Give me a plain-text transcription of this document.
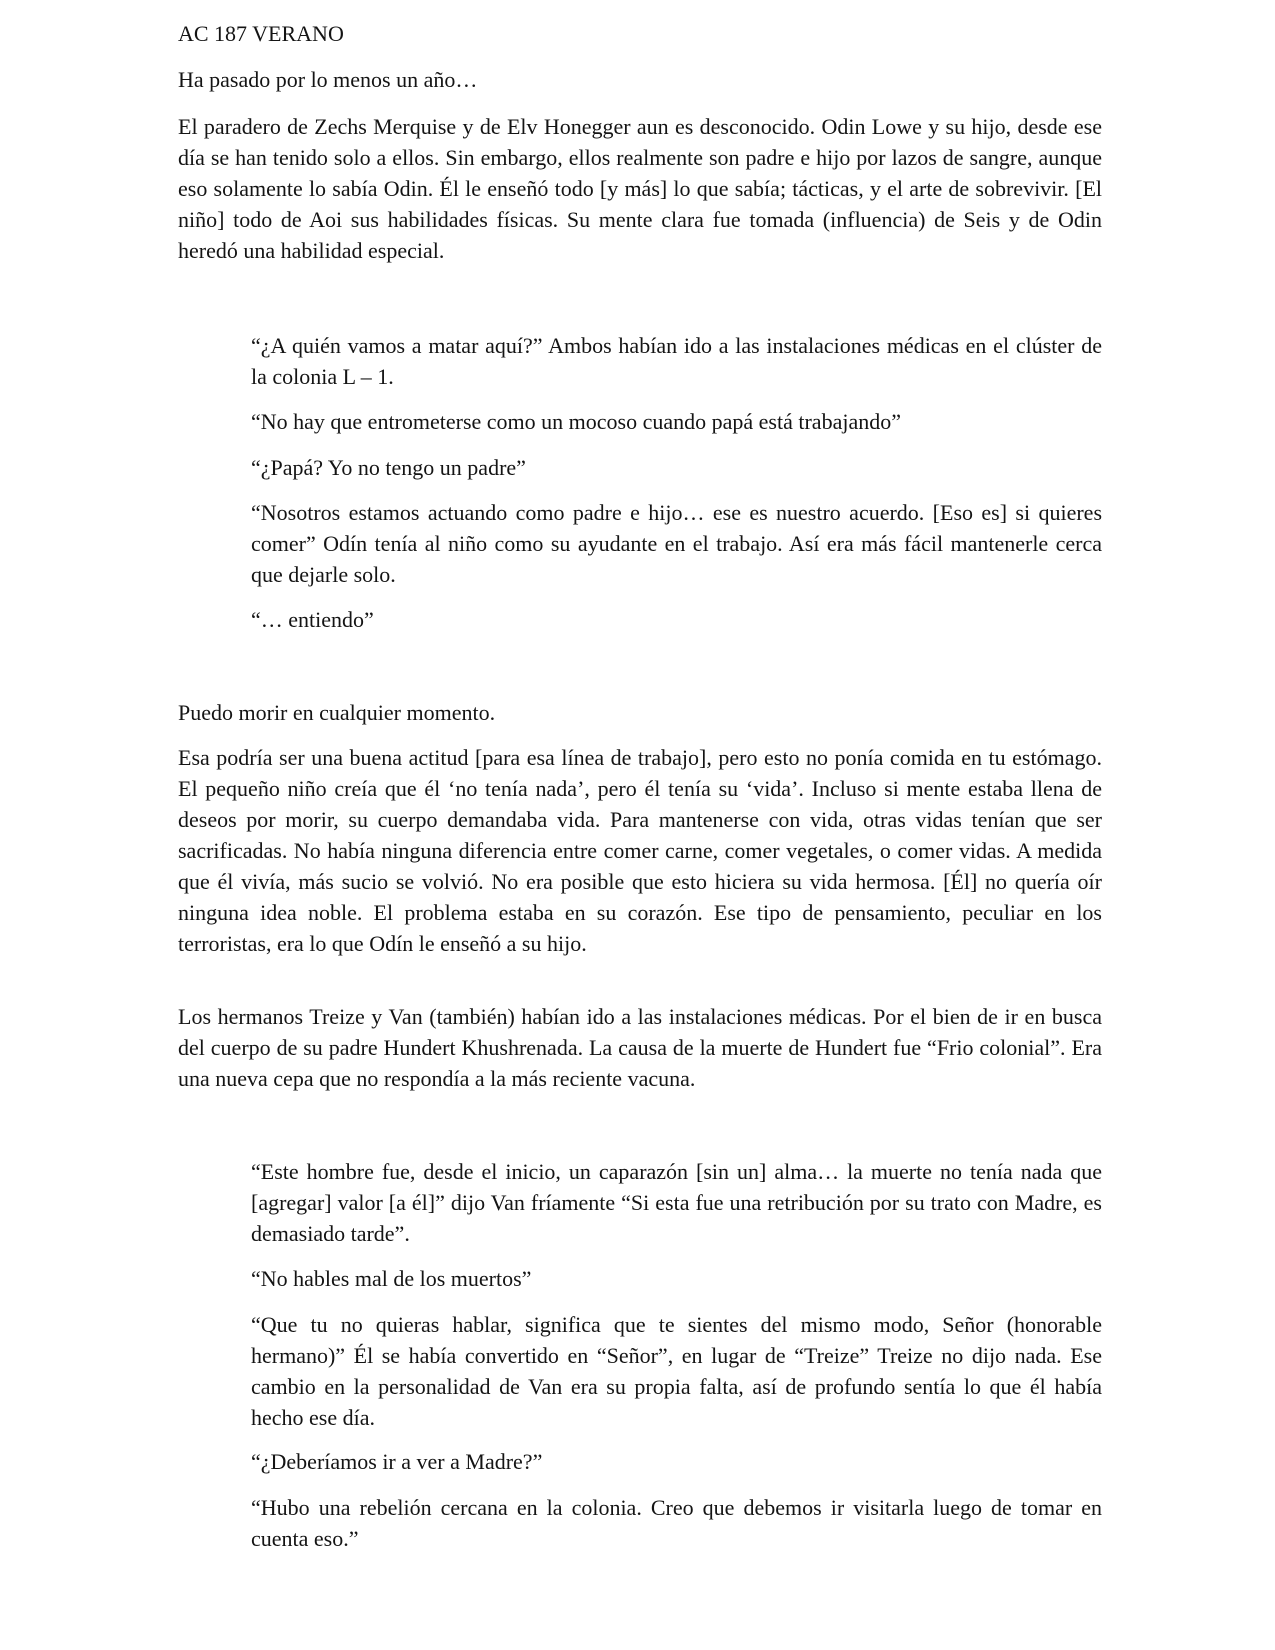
AC 187 VERANO

Ha pasado por lo menos un año…

El paradero de Zechs Merquise y de Elv Honegger aun es desconocido. Odin Lowe y su hijo, desde ese día se han tenido solo a ellos. Sin embargo, ellos realmente son padre e hijo por lazos de sangre, aunque eso solamente lo sabía Odin. Él le enseñó todo [y más] lo que sabía; tácticas, y el arte de sobrevivir. [El niño] todo de Aoi sus habilidades físicas. Su mente clara fue tomada (influencia) de Seis y de Odin heredó una habilidad especial.

“¿A quién vamos a matar aquí?” Ambos habían ido a las instalaciones médicas en el clúster de la colonia L – 1.

“No hay que entrometerse como un mocoso cuando papá está trabajando”

“¿Papá? Yo no tengo un padre”

“Nosotros estamos actuando como padre e hijo… ese es nuestro acuerdo. [Eso es] si quieres comer” Odín tenía al niño como su ayudante en el trabajo. Así era más fácil mantenerle cerca que dejarle solo.

“… entiendo”

Puedo morir en cualquier momento.

Esa podría ser una buena actitud [para esa línea de trabajo], pero esto no ponía comida en tu estómago. El pequeño niño creía que él ‘no tenía nada’, pero él tenía su ‘vida’. Incluso si mente estaba llena de deseos por morir, su cuerpo demandaba vida. Para mantenerse con vida, otras vidas tenían que ser sacrificadas. No había ninguna diferencia entre comer carne, comer vegetales, o comer vidas. A medida que él vivía, más sucio se volvió. No era posible que esto hiciera su vida hermosa. [Él] no quería oír ninguna idea noble. El problema estaba en su corazón. Ese tipo de pensamiento, peculiar en los terroristas, era lo que Odín le enseñó a su hijo.

Los hermanos Treize y Van (también) habían ido a las instalaciones médicas. Por el bien de ir en busca del cuerpo de su padre Hundert Khushrenada. La causa de la muerte de Hundert fue “Frio colonial”. Era una nueva cepa que no respondía a la más reciente vacuna.

“Este hombre fue, desde el inicio, un caparazón [sin un] alma… la muerte no tenía nada que [agregar] valor [a él]” dijo Van fríamente “Si esta fue una retribución por su trato con Madre, es demasiado tarde”.

“No hables mal de los muertos”

“Que tu no quieras hablar, significa que te sientes del mismo modo, Señor (honorable hermano)” Él se había convertido en “Señor”, en lugar de “Treize” Treize no dijo nada. Ese cambio en la personalidad de Van era su propia falta, así de profundo sentía lo que él había hecho ese día.

“¿Deberíamos ir a ver a Madre?”

“Hubo una rebelión cercana en la colonia. Creo que debemos ir visitarla luego de tomar en cuenta eso.”
